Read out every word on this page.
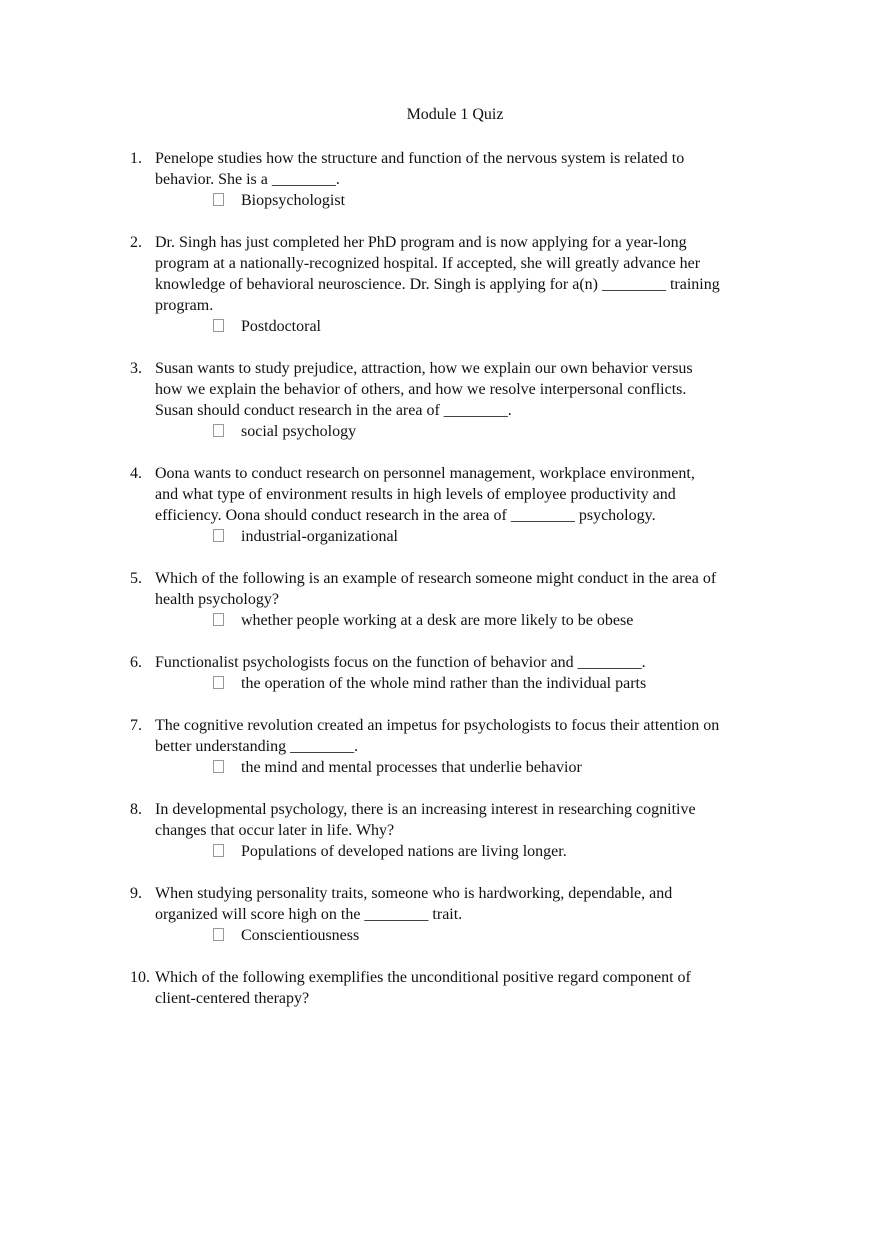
Module 1 Quiz
1. Penelope studies how the structure and function of the nervous system is related to
behavior. She is a ________.
Biopsychologist
2. Dr. Singh has just completed her PhD program and is now applying for a year-long
program at a nationally-recognized hospital. If accepted, she will greatly advance her
knowledge of behavioral neuroscience. Dr. Singh is applying for a(n) ________ training
program.
Postdoctoral
3. Susan wants to study prejudice, attraction, how we explain our own behavior versus
how we explain the behavior of others, and how we resolve interpersonal conflicts.
Susan should conduct research in the area of ________.
social psychology
4. Oona wants to conduct research on personnel management, workplace environment,
and what type of environment results in high levels of employee productivity and
efficiency. Oona should conduct research in the area of ________ psychology.
industrial-organizational
5. Which of the following is an example of research someone might conduct in the area of
health psychology?
whether people working at a desk are more likely to be obese
6. Functionalist psychologists focus on the function of behavior and ________.
the operation of the whole mind rather than the individual parts
7. The cognitive revolution created an impetus for psychologists to focus their attention on
better understanding ________.
the mind and mental processes that underlie behavior
8. In developmental psychology, there is an increasing interest in researching cognitive
changes that occur later in life. Why?
Populations of developed nations are living longer.
9. When studying personality traits, someone who is hardworking, dependable, and
organized will score high on the ________ trait.
Conscientiousness
10. Which of the following exemplifies the unconditional positive regard component of
client-centered therapy?
